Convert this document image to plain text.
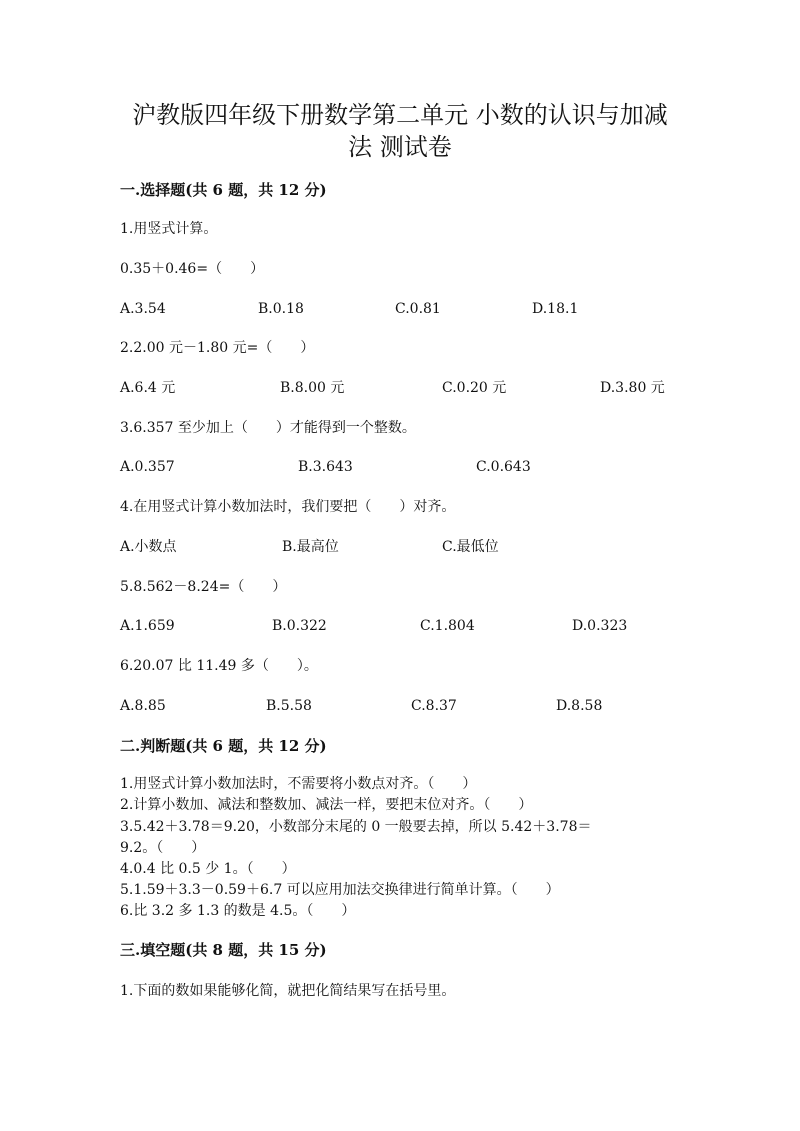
沪教版四年级下册数学第二单元 小数的认识与加减
法 测试卷
一.选择题(共 6 题，共 12 分)
1.用竖式计算。
0.35＋0.46=（　　）
A.3.54	B.0.18	C.0.81	D.18.1
2.2.00 元－1.80 元=（　　）
A.6.4 元	B.8.00 元	C.0.20 元	D.3.80 元
3.6.357 至少加上（　　）才能得到一个整数。
A.0.357	B.3.643	C.0.643
4.在用竖式计算小数加法时，我们要把（　　）对齐。
A.小数点	B.最高位	C.最低位
5.8.562－8.24=（　　）
A.1.659	B.0.322	C.1.804	D.0.323
6.20.07 比 11.49 多（　　）。
A.8.85	B.5.58	C.8.37	D.8.58
二.判断题(共 6 题，共 12 分)
1.用竖式计算小数加法时，不需要将小数点对齐。（　　）
2.计算小数加、减法和整数加、减法一样，要把末位对齐。（　　）
3.5.42＋3.78＝9.20，小数部分末尾的 0 一般要去掉，所以 5.42＋3.78＝
9.2。（　　）
4.0.4 比 0.5 少 1。（　　）
5.1.59＋3.3－0.59＋6.7 可以应用加法交换律进行简单计算。（　　）
6.比 3.2 多 1.3 的数是 4.5。（　　）
三.填空题(共 8 题，共 15 分)
1.下面的数如果能够化简，就把化简结果写在括号里。
